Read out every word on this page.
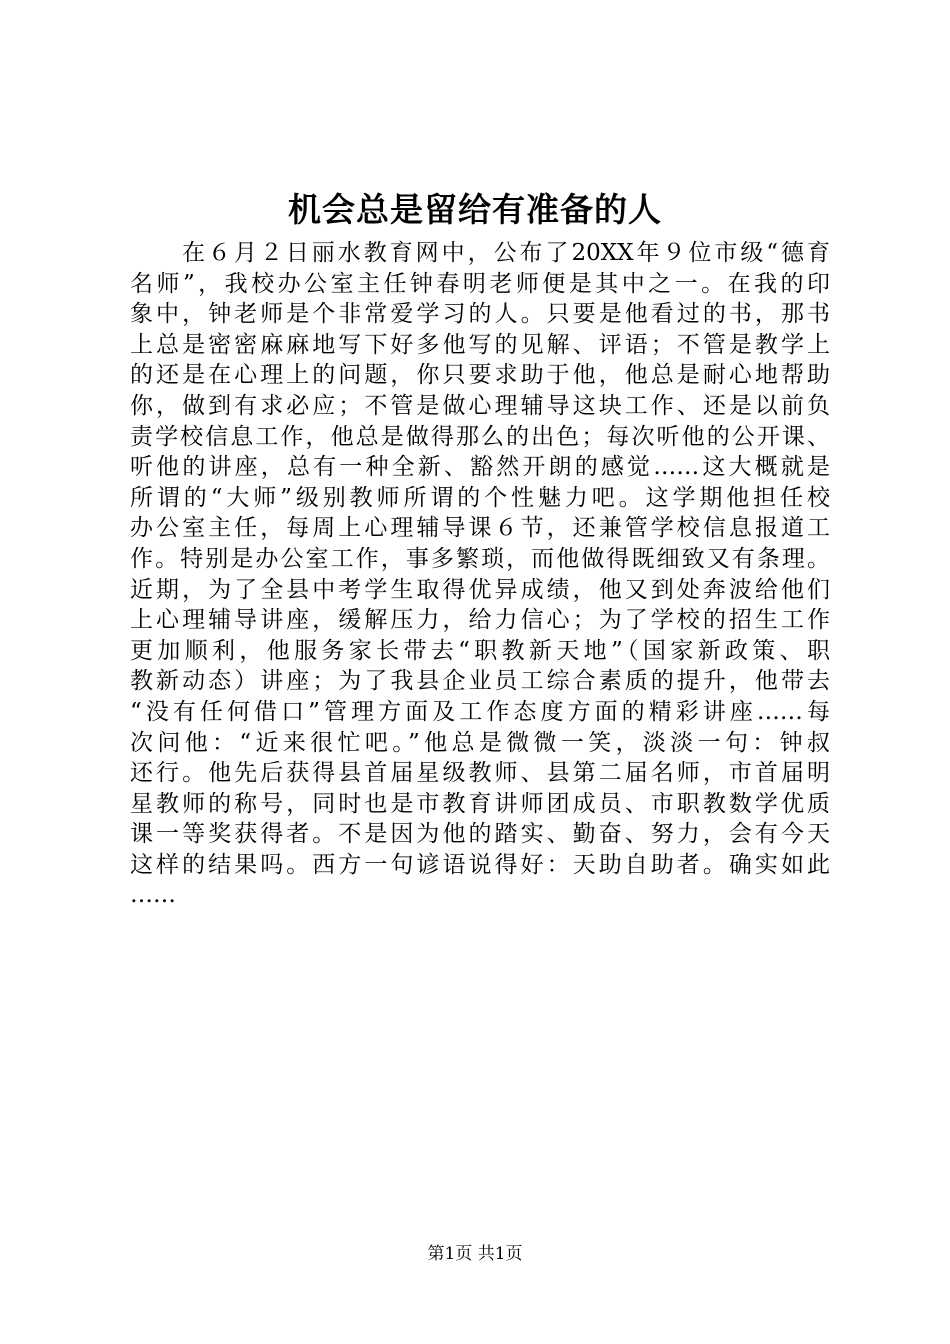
机会总是留给有准备的人
　　在６月２日丽水教育网中，公布了20XX年９位市级“德育
名师”，我校办公室主任钟春明老师便是其中之一。在我的印
象中，钟老师是个非常爱学习的人。只要是他看过的书，那书
上总是密密麻麻地写下好多他写的见解、评语；不管是教学上
的还是在心理上的问题，你只要求助于他，他总是耐心地帮助
你，做到有求必应；不管是做心理辅导这块工作、还是以前负
责学校信息工作，他总是做得那么的出色；每次听他的公开课、
听他的讲座，总有一种全新、豁然开朗的感觉……这大概就是
所谓的“大师”级别教师所谓的个性魅力吧。这学期他担任校
办公室主任，每周上心理辅导课６节，还兼管学校信息报道工
作。特别是办公室工作，事多繁琐，而他做得既细致又有条理。
近期，为了全县中考学生取得优异成绩，他又到处奔波给他们
上心理辅导讲座，缓解压力，给力信心；为了学校的招生工作
更加顺利，他服务家长带去“职教新天地”（国家新政策、职
教新动态）讲座；为了我县企业员工综合素质的提升，他带去
“没有任何借口”管理方面及工作态度方面的精彩讲座……每
次问他：“近来很忙吧。”他总是微微一笑，淡淡一句：钟叔
还行。他先后获得县首届星级教师、县第二届名师，市首届明
星教师的称号，同时也是市教育讲师团成员、市职教数学优质
课一等奖获得者。不是因为他的踏实、勤奋、努力，会有今天
这样的结果吗。西方一句谚语说得好：天助自助者。确实如此
……
第1页 共1页
